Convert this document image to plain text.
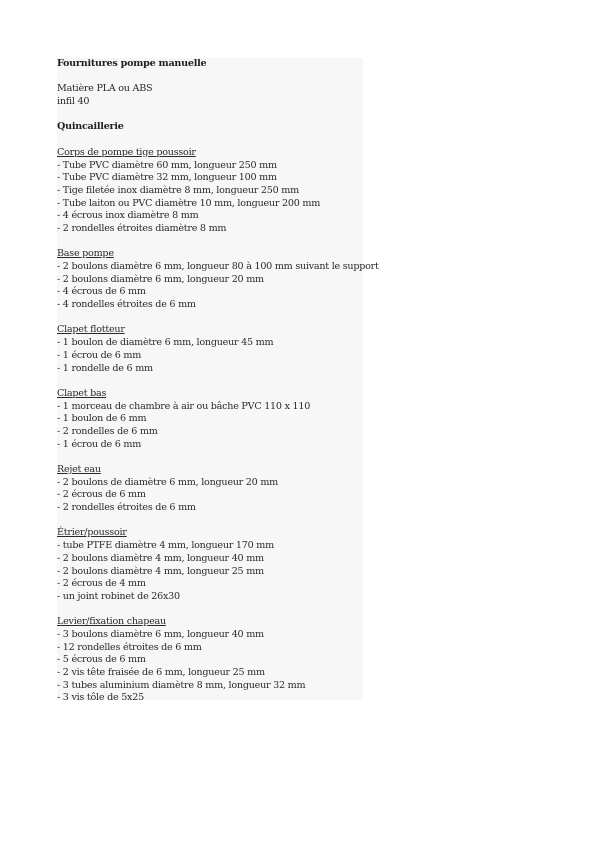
Fournitures pompe manuelle
Matière PLA ou ABS
infil 40
Quincaillerie
Corps de pompe tige poussoir
- Tube PVC diamètre 60 mm, longueur 250 mm
- Tube PVC diamètre 32 mm, longueur 100 mm
- Tige filetée inox diamètre 8 mm, longueur 250 mm
- Tube laiton ou PVC diamètre 10 mm, longueur 200 mm
- 4 écrous inox diamètre 8 mm
- 2 rondelles étroites diamètre 8 mm
Base pompe
- 2 boulons diamètre 6 mm, longueur 80 à 100 mm suivant le support
- 2 boulons diamètre 6 mm, longueur 20 mm
- 4 écrous de 6 mm
- 4 rondelles étroites de 6 mm
Clapet flotteur
- 1 boulon de diamètre 6 mm, longueur 45 mm
- 1 écrou de 6 mm
- 1 rondelle de 6 mm
Clapet bas
- 1 morceau de chambre à air ou bâche PVC 110 x 110
- 1 boulon de 6 mm
- 2 rondelles de 6 mm
- 1 écrou de 6 mm
Rejet eau
- 2 boulons de diamètre 6 mm, longueur 20 mm
- 2 écrous de 6 mm
- 2 rondelles étroites de 6 mm
Étrier/poussoir
- tube PTFE diamètre 4 mm, longueur 170 mm
- 2 boulons diamètre 4 mm, longueur 40 mm
- 2 boulons diamètre 4 mm, longueur 25 mm
- 2 écrous de 4 mm
- un joint robinet de 26x30
Levier/fixation chapeau
- 3 boulons diamètre 6 mm, longueur 40 mm
- 12 rondelles étroites de 6 mm
- 5 écrous de 6 mm
- 2 vis tête fraisée de 6 mm, longueur 25 mm
- 3 tubes aluminium diamètre 8 mm, longueur 32 mm
- 3 vis tôle de 5x25
